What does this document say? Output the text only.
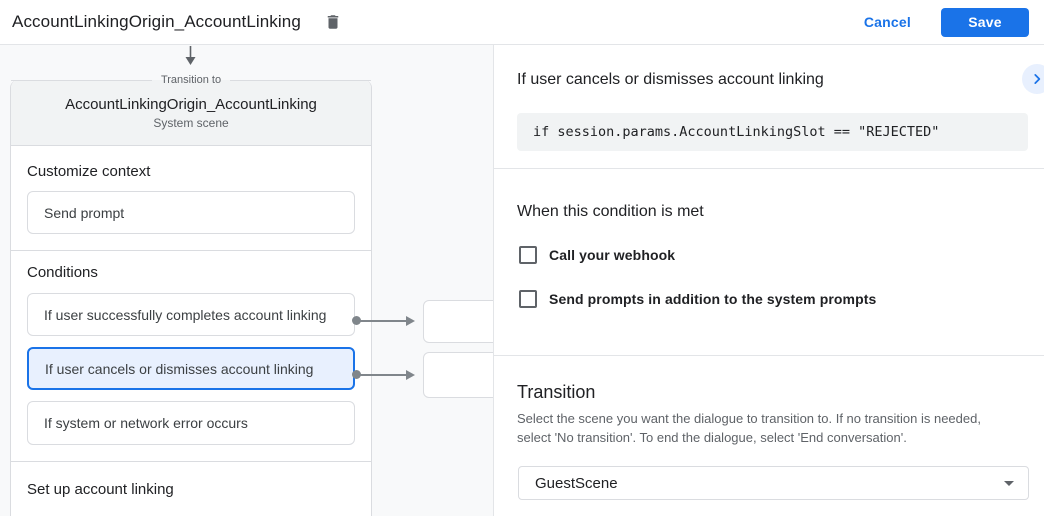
AccountLinkingOrigin_AccountLinking	Cancel	Save
Transition to
AccountLinkingOrigin_AccountLinking
System scene
Customize context
Send prompt
Conditions
If user successfully completes account linking
If user cancels or dismisses account linking
If system or network error occurs
Set up account linking
If user cancels or dismisses account linking
if session.params.AccountLinkingSlot == "REJECTED"
When this condition is met
Call your webhook
Send prompts in addition to the system prompts
Transition
Select the scene you want the dialogue to transition to. If no transition is needed, select 'No transition'. To end the dialogue, select 'End conversation'.
GuestScene
